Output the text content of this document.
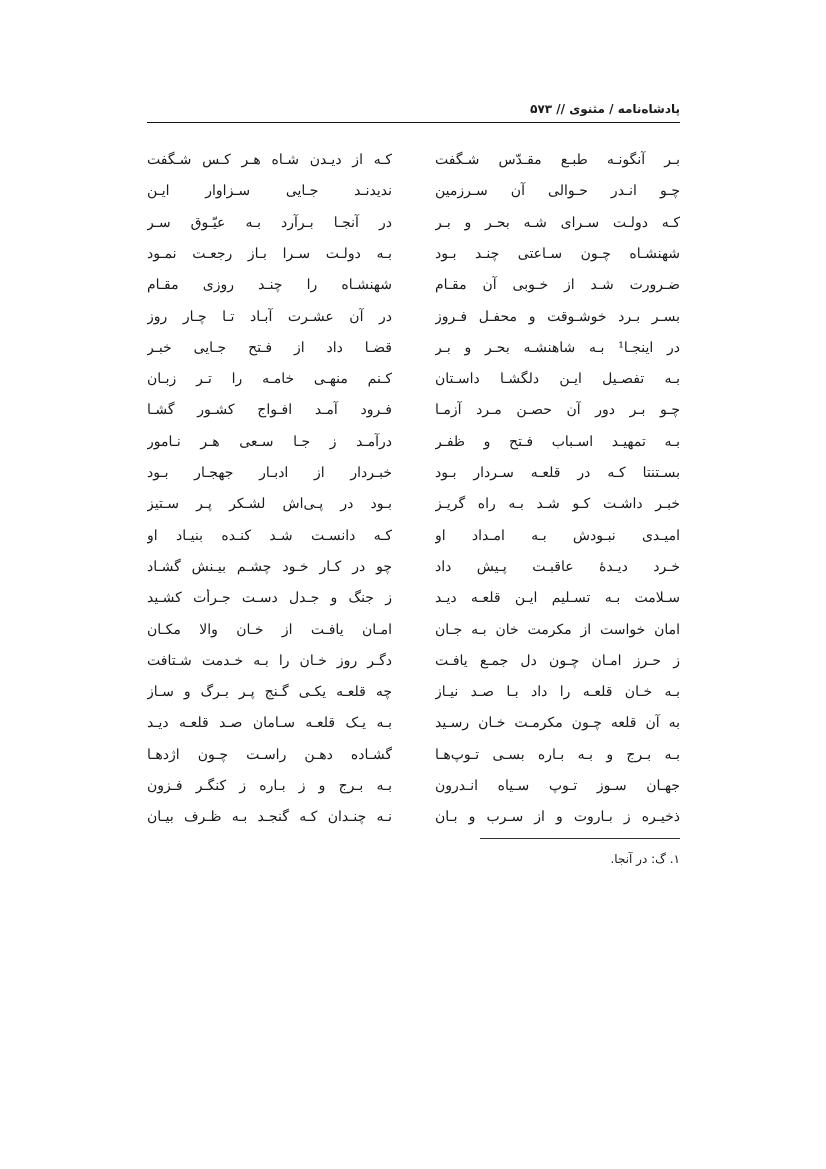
پادشاه‌نامه / مثنوی // ۵۷۳
بـر آنگونـه طبـع مقـدّس شـگفت
کـه از دیـدن شـاه هـر کـس شـگفت
چـو انـدر حـوالی آن سـرزمین
ندیدنـد جـایی سـزاوار ایـن
کـه دولـت سـرای شـه بحـر و بـر
در آنجـا بـرآرد بـه عیّـوق سـر
شهنشـاه چـون سـاعتی چنـد بـود
بـه دولـت سـرا بـاز رجعـت نمـود
ضـرورت شـد از خـوبی آن مقـام
شهنشـاه را چنـد روزی مقـام
بسـر بـرد خوشـوقت و محفـل فـروز
در آن عشـرت آبـاد تـا چـار روز
در اینجـا¹ بـه شاهنشـه بحـر و بـر
قضـا داد از فـتح جـایی خبـر
بـه تفصـیل ایـن دلگشـا داسـتان
کـنم منهـی خامـه را تـر زبـان
چـو بـر دور آن حصـن مـرد آزمـا
فـرود آمـد افـواج کشـور گشـا
بـه تمهیـد اسـباب فـتح و ظفـر
درآمـد ز جـا سـعی هـر نـامور
بسـتنتا کـه در قلعـه سـردار بـود
خبـردار از ادبـار جهجـار بـود
خبـر داشـت کـو شـد بـه راه گریـز
بـود در پـی‌اش لشـکر پـر سـتیز
امیـدی نبـودش بـه امـداد او
کـه دانسـت شـد کنـده بنیـاد او
خـرد دیـدهٔ عاقبـت پـیش داد
چو در کـار خـود چشـم بیـنش گشـاد
سـلامت بـه تسـلیم ایـن قلعـه دیـد
ز جنگ و جـدل دسـت جـرأت کشـید
امان خواست از مکرمت خان بـه جـان
امـان یافـت از خـان والا مکـان
ز حـرز امـان چـون دل جمـع یافـت
دگـر روز خـان را بـه خـدمت شـتافت
بـه خـان قلعـه را داد بـا صـد نیـاز
چه قلعـه یکـی گـنج پـر بـرگ و سـاز
به آن قلعه چـون مکرمـت خـان رسـید
بـه یـک قلعـه سـامان صـد قلعـه دیـد
بـه بـرج و بـه بـاره بسـی تـوپ‌هـا
گشـاده دهـن راسـت چـون اژدهـا
جهـان سـوز تـوپ سـیاه انـدرون
بـه بـرج و ز بـاره ز کنگـر فـزون
ذخیـره ز بـاروت و از سـرب و بـان
نـه چنـدان کـه گنجـد بـه ظـرف بیـان
۱. گ: در آنجا.
